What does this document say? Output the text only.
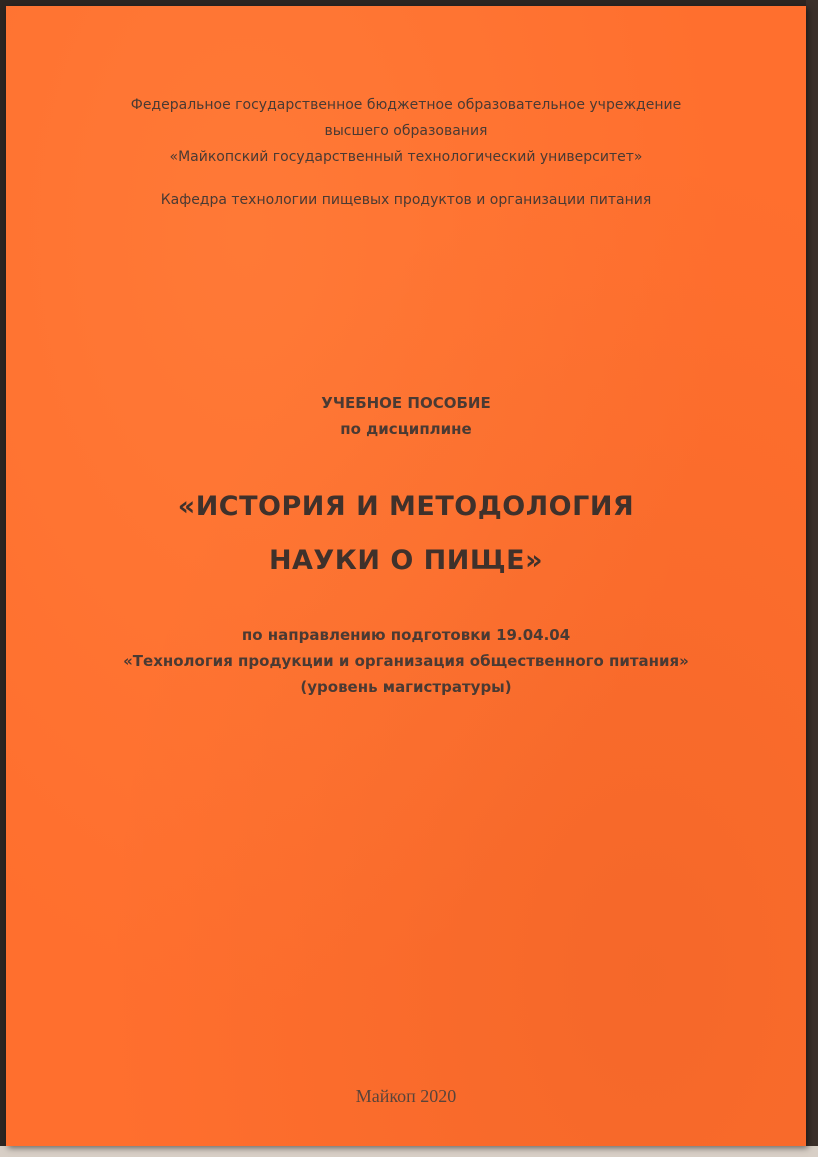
Федеральное государственное бюджетное образовательное учреждение
высшего образования
«Майкопский государственный технологический университет»
Кафедра технологии пищевых продуктов и организации питания
УЧЕБНОЕ ПОСОБИЕ
по дисциплине
«ИСТОРИЯ И МЕТОДОЛОГИЯ
НАУКИ О ПИЩЕ»
по направлению подготовки 19.04.04
«Технология продукции и организация общественного питания»
(уровень магистратуры)
Майкоп 2020
